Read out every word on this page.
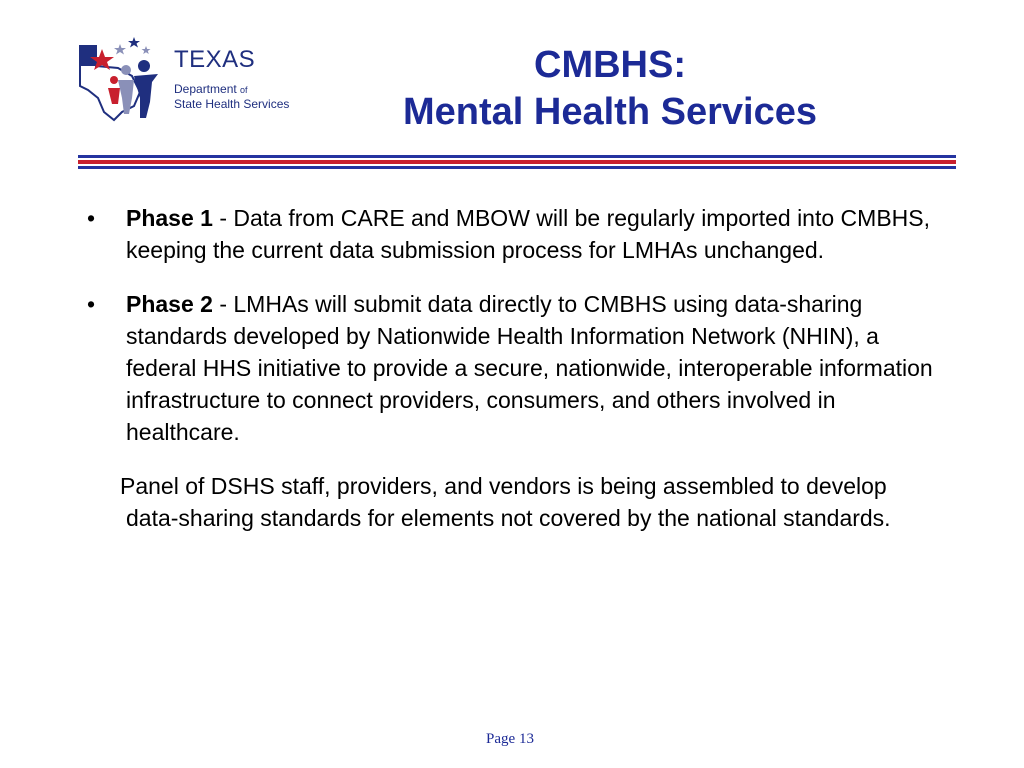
TEXAS
Department of
State Health Services
CMBHS:
Mental Health Services
• Phase 1 - Data from CARE and MBOW will be regularly imported into CMBHS, keeping the current data submission process for LMHAs unchanged.
• Phase 2 - LMHAs will submit data directly to CMBHS using data-sharing standards developed by Nationwide Health Information Network (NHIN), a federal HHS initiative to provide a secure, nationwide, interoperable information infrastructure to connect providers, consumers, and others involved in healthcare.

Panel of DSHS staff, providers, and vendors is being assembled to develop data-sharing standards for elements not covered by the national standards.

Page 13
